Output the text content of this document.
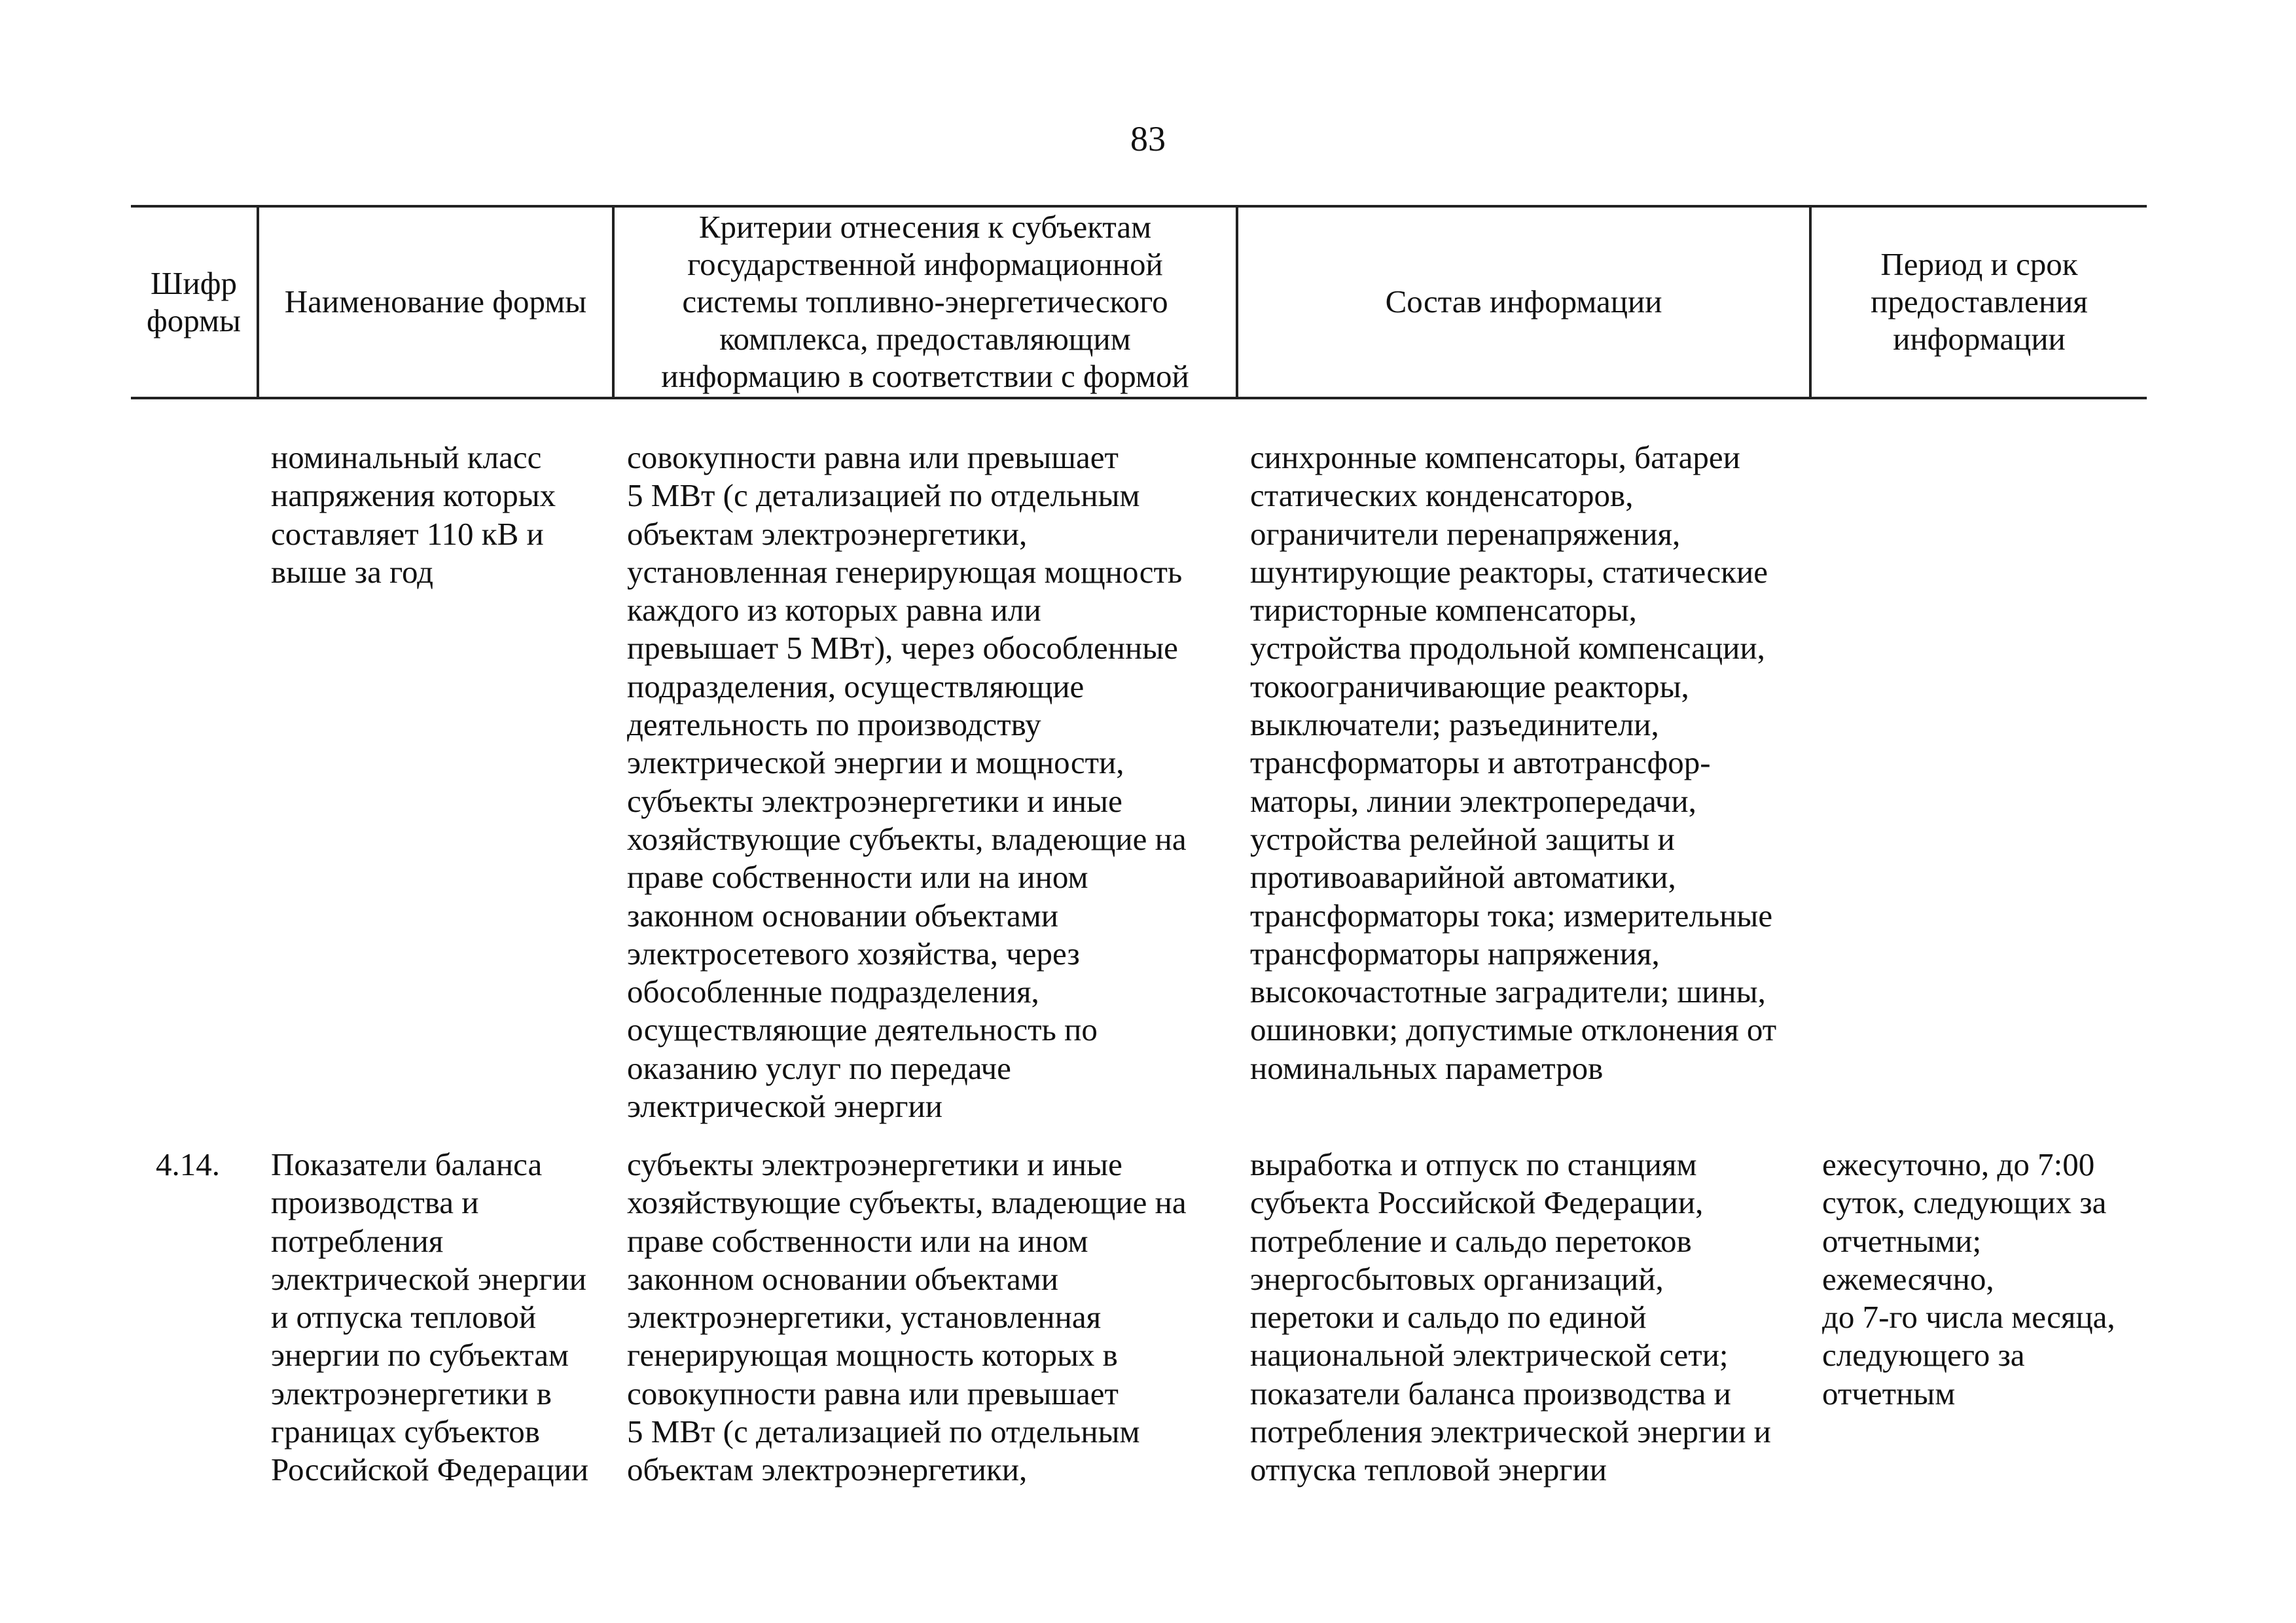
83
Шифр
формы
Наименование формы
Критерии отнесения к субъектам государственной информационной системы топливно-энергетического комплекса, предоставляющим информацию в соответствии с формой
Состав информации
Период и срок предоставления информации

номинальный класс
напряжения которых
составляет 110 кВ и
выше за год

совокупности равна или превышает
5 МВт (с детализацией по отдельным
объектам электроэнергетики,
установленная генерирующая мощность
каждого из которых равна или
превышает 5 МВт), через обособленные
подразделения, осуществляющие
деятельность по производству
электрической энергии и мощности,
субъекты электроэнергетики и иные
хозяйствующие субъекты, владеющие на
праве собственности или на ином
законном основании объектами
электросетевого хозяйства, через
обособленные подразделения,
осуществляющие деятельность по
оказанию услуг по передаче
электрической энергии

синхронные компенсаторы, батареи
статических конденсаторов,
ограничители перенапряжения,
шунтирующие реакторы, статические
тиристорные компенсаторы,
устройства продольной компенсации,
токоограничивающие реакторы,
выключатели; разъединители,
трансформаторы и автотрансфор-
маторы, линии электропередачи,
устройства релейной защиты и
противоаварийной автоматики,
трансформаторы тока; измерительные
трансформаторы напряжения,
высокочастотные заградители; шины,
ошиновки; допустимые отклонения от
номинальных параметров

4.14. Показатели баланса
производства и
потребления
электрической энергии
и отпуска тепловой
энергии по субъектам
электроэнергетики в
границах субъектов
Российской Федерации

субъекты электроэнергетики и иные
хозяйствующие субъекты, владеющие на
праве собственности или на ином
законном основании объектами
электроэнергетики, установленная
генерирующая мощность которых в
совокупности равна или превышает
5 МВт (с детализацией по отдельным
объектам электроэнергетики,

выработка и отпуск по станциям
субъекта Российской Федерации,
потребление и сальдо перетоков
энергосбытовых организаций,
перетоки и сальдо по единой
национальной электрической сети;
показатели баланса производства и
потребления электрической энергии и
отпуска тепловой энергии

ежесуточно, до 7:00
суток, следующих за
отчетными;
ежемесячно,
до 7-го числа месяца,
следующего за
отчетным
